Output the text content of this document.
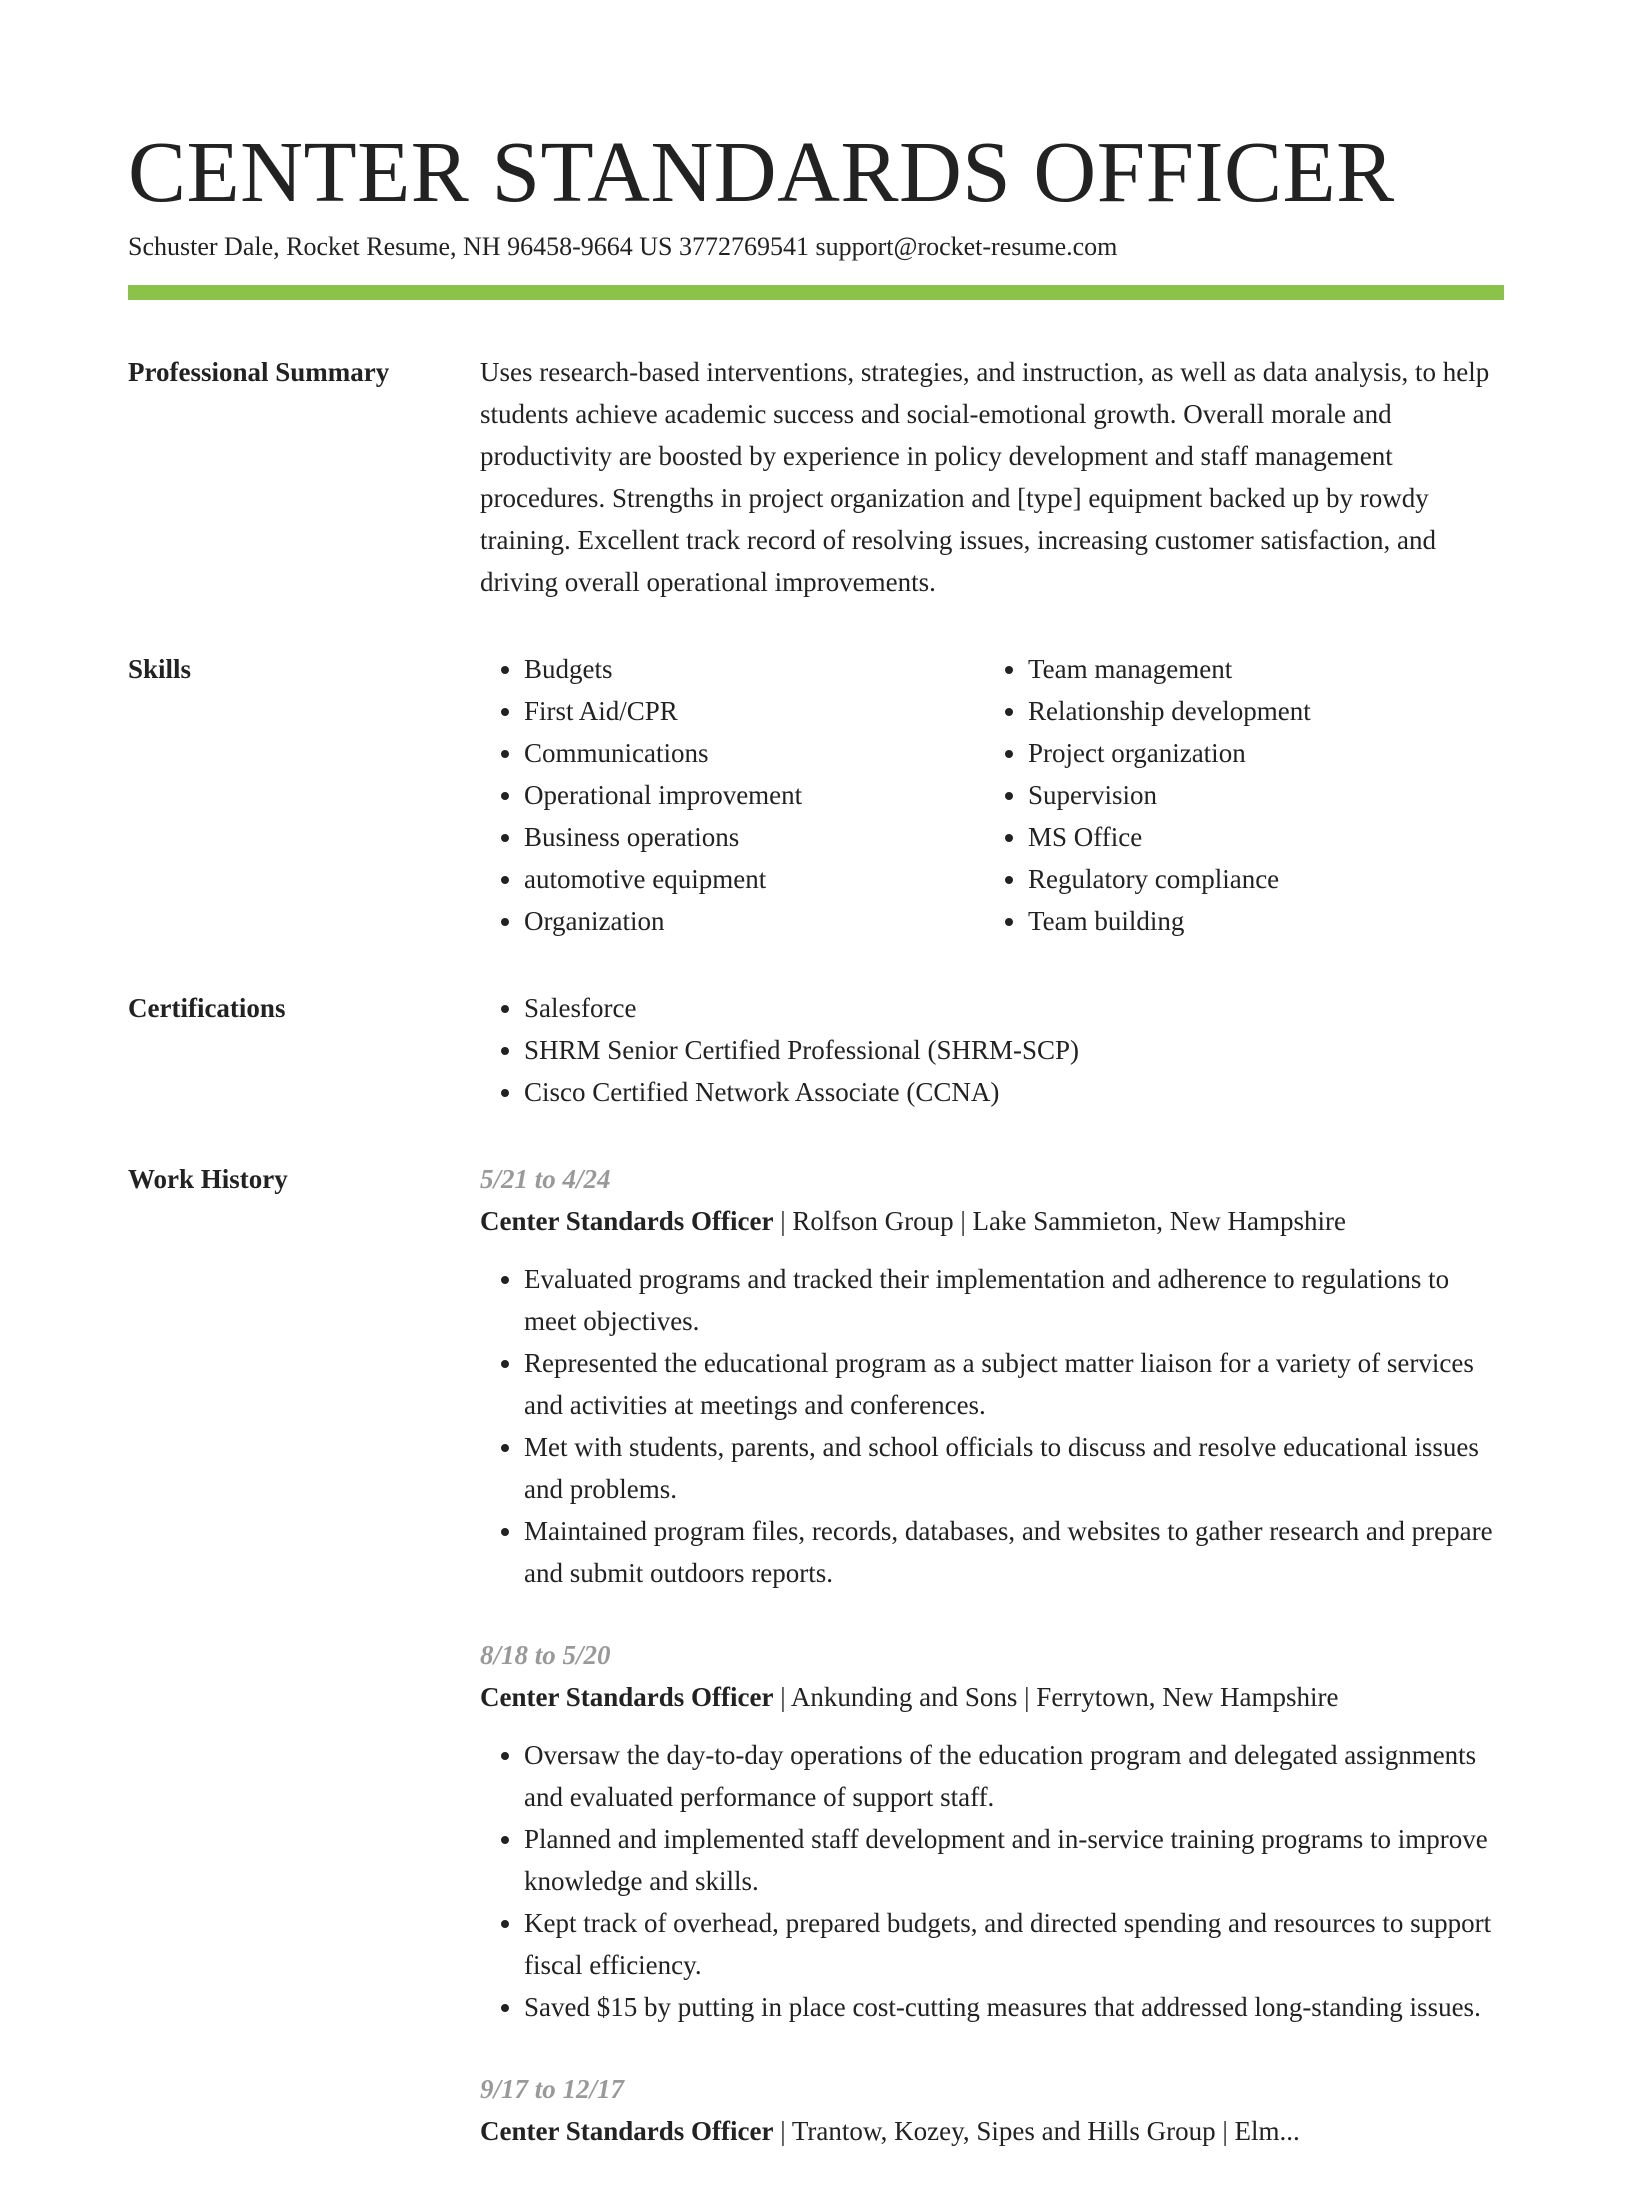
CENTER STANDARDS OFFICER
Schuster Dale, Rocket Resume, NH 96458-9664 US 3772769541 support@rocket-resume.com
Professional Summary	Uses research-based interventions, strategies, and instruction, as well as data analysis, to help students achieve academic success and social-emotional growth. Overall morale and productivity are boosted by experience in policy development and staff management procedures. Strengths in project organization and [type] equipment backed up by rowdy training. Excellent track record of resolving issues, increasing customer satisfaction, and driving overall operational improvements.

Skills	• Budgets
• First Aid/CPR
• Communications
• Operational improvement
• Business operations
• automotive equipment
• Organization
• Team management
• Relationship development
• Project organization
• Supervision
• MS Office
• Regulatory compliance
• Team building
Certifications	• Salesforce
• SHRM Senior Certified Professional (SHRM-SCP)
• Cisco Certified Network Associate (CCNA)
Work History	5/21 to 4/24
Center Standards Officer | Rolfson Group | Lake Sammieton, New Hampshire
• Evaluated programs and tracked their implementation and adherence to regulations to meet objectives.
• Represented the educational program as a subject matter liaison for a variety of services and activities at meetings and conferences.
• Met with students, parents, and school officials to discuss and resolve educational issues and problems.
• Maintained program files, records, databases, and websites to gather research and prepare and submit outdoors reports.
8/18 to 5/20
Center Standards Officer | Ankunding and Sons | Ferrytown, New Hampshire
• Oversaw the day-to-day operations of the education program and delegated assignments and evaluated performance of support staff.
• Planned and implemented staff development and in-service training programs to improve knowledge and skills.
• Kept track of overhead, prepared budgets, and directed spending and resources to support fiscal efficiency.
• Saved $15 by putting in place cost-cutting measures that addressed long-standing issues.
9/17 to 12/17
Center Standards Officer | Trantow, Kozey, Sipes and Hills Group | Elm...
